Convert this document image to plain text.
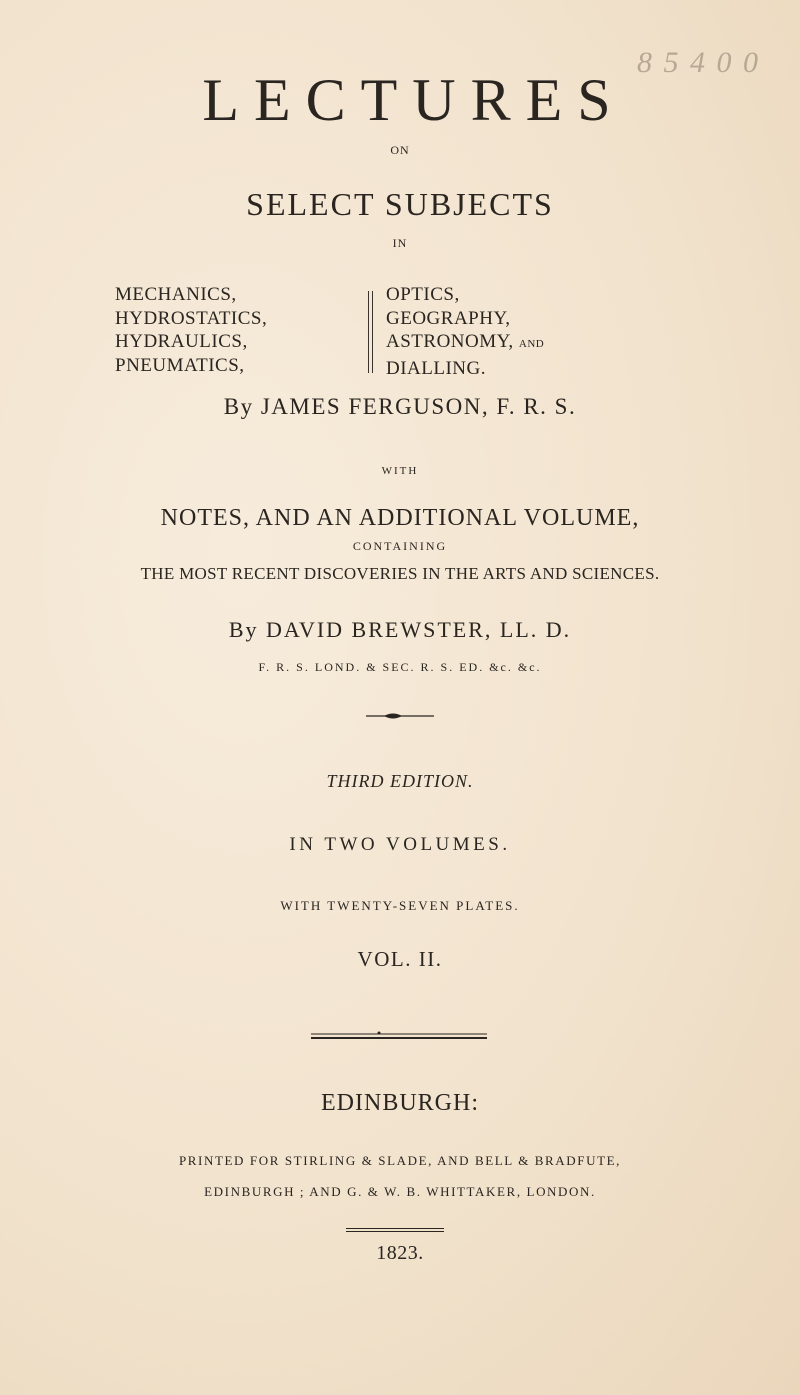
8 5 4 0 0
LECTURES
ON
SELECT SUBJECTS
IN
MECHANICS,
HYDROSTATICS,
HYDRAULICS,
PNEUMATICS,
OPTICS,
GEOGRAPHY,
ASTRONOMY, AND
DIALLING.
By JAMES FERGUSON, F. R. S.
WITH
NOTES, AND AN ADDITIONAL VOLUME,
CONTAINING
THE MOST RECENT DISCOVERIES IN THE ARTS AND SCIENCES.
By DAVID BREWSTER, LL. D.
F. R. S. LOND. & SEC. R. S. ED. &c. &c.
THIRD EDITION.
IN TWO VOLUMES.
WITH TWENTY-SEVEN PLATES.
VOL. II.
EDINBURGH:
PRINTED FOR STIRLING & SLADE, AND BELL & BRADFUTE,
EDINBURGH ; AND G. & W. B. WHITTAKER, LONDON.
1823.
